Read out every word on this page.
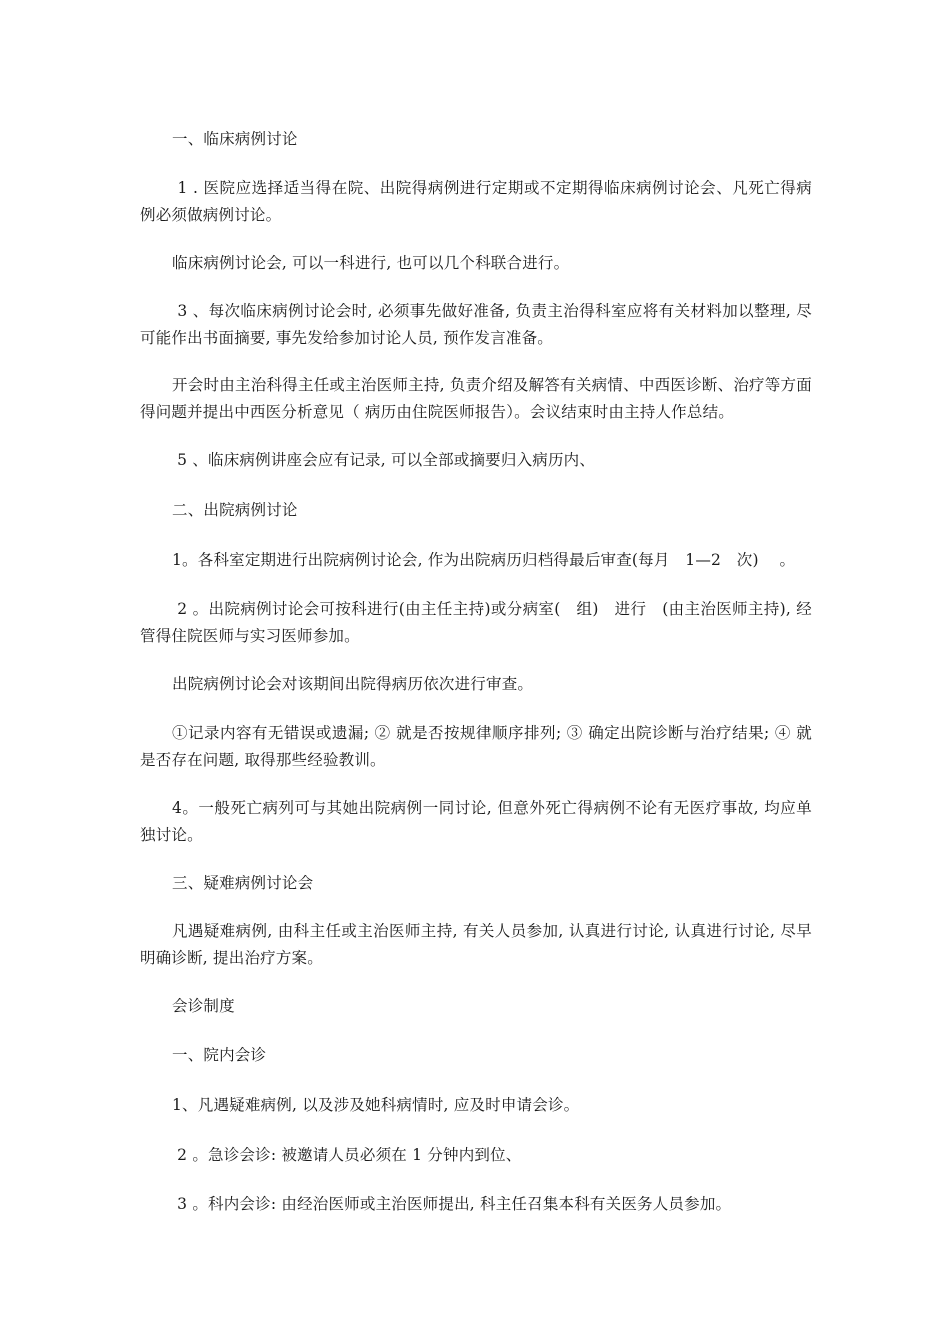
一、临床病例讨论

1 . 医院应选择适当得在院、出院得病例进行定期或不定期得临床病例讨论会、凡死亡得病例必须做病例讨论。

临床病例讨论会, 可以一科进行, 也可以几个科联合进行。

3 、每次临床病例讨论会时, 必须事先做好准备, 负责主治得科室应将有关材料加以整理, 尽可能作出书面摘要, 事先发给参加讨论人员, 预作发言准备。

开会时由主治科得主任或主治医师主持, 负责介绍及解答有关病情、中西医诊断、治疗等方面得问题并提出中西医分析意见（ 病历由住院医师报告）。会议结束时由主持人作总结。

5 、临床病例讲座会应有记录, 可以全部或摘要归入病历内、

二、出院病例讨论

1。各科室定期进行出院病例讨论会, 作为出院病历归档得最后审查(每月　1—2　次)　 。

2 。出院病例讨论会可按科进行(由主任主持)或分病室(　组)　进行　(由主治医师主持), 经管得住院医师与实习医师参加。

出院病例讨论会对该期间出院得病历依次进行审查。

①记录内容有无错误或遗漏; ② 就是否按规律顺序排列; ③ 确定出院诊断与治疗结果; ④ 就是否存在问题, 取得那些经验教训。

4。一般死亡病列可与其她出院病例一同讨论, 但意外死亡得病例不论有无医疗事故, 均应单独讨论。

三、疑难病例讨论会

凡遇疑难病例, 由科主任或主治医师主持, 有关人员参加, 认真进行讨论, 认真进行讨论, 尽早明确诊断, 提出治疗方案。

会诊制度

一、院内会诊

1、凡遇疑难病例, 以及涉及她科病情时, 应及时申请会诊。

2 。急诊会诊: 被邀请人员必须在 1 分钟内到位、

3 。科内会诊: 由经治医师或主治医师提出, 科主任召集本科有关医务人员参加。
